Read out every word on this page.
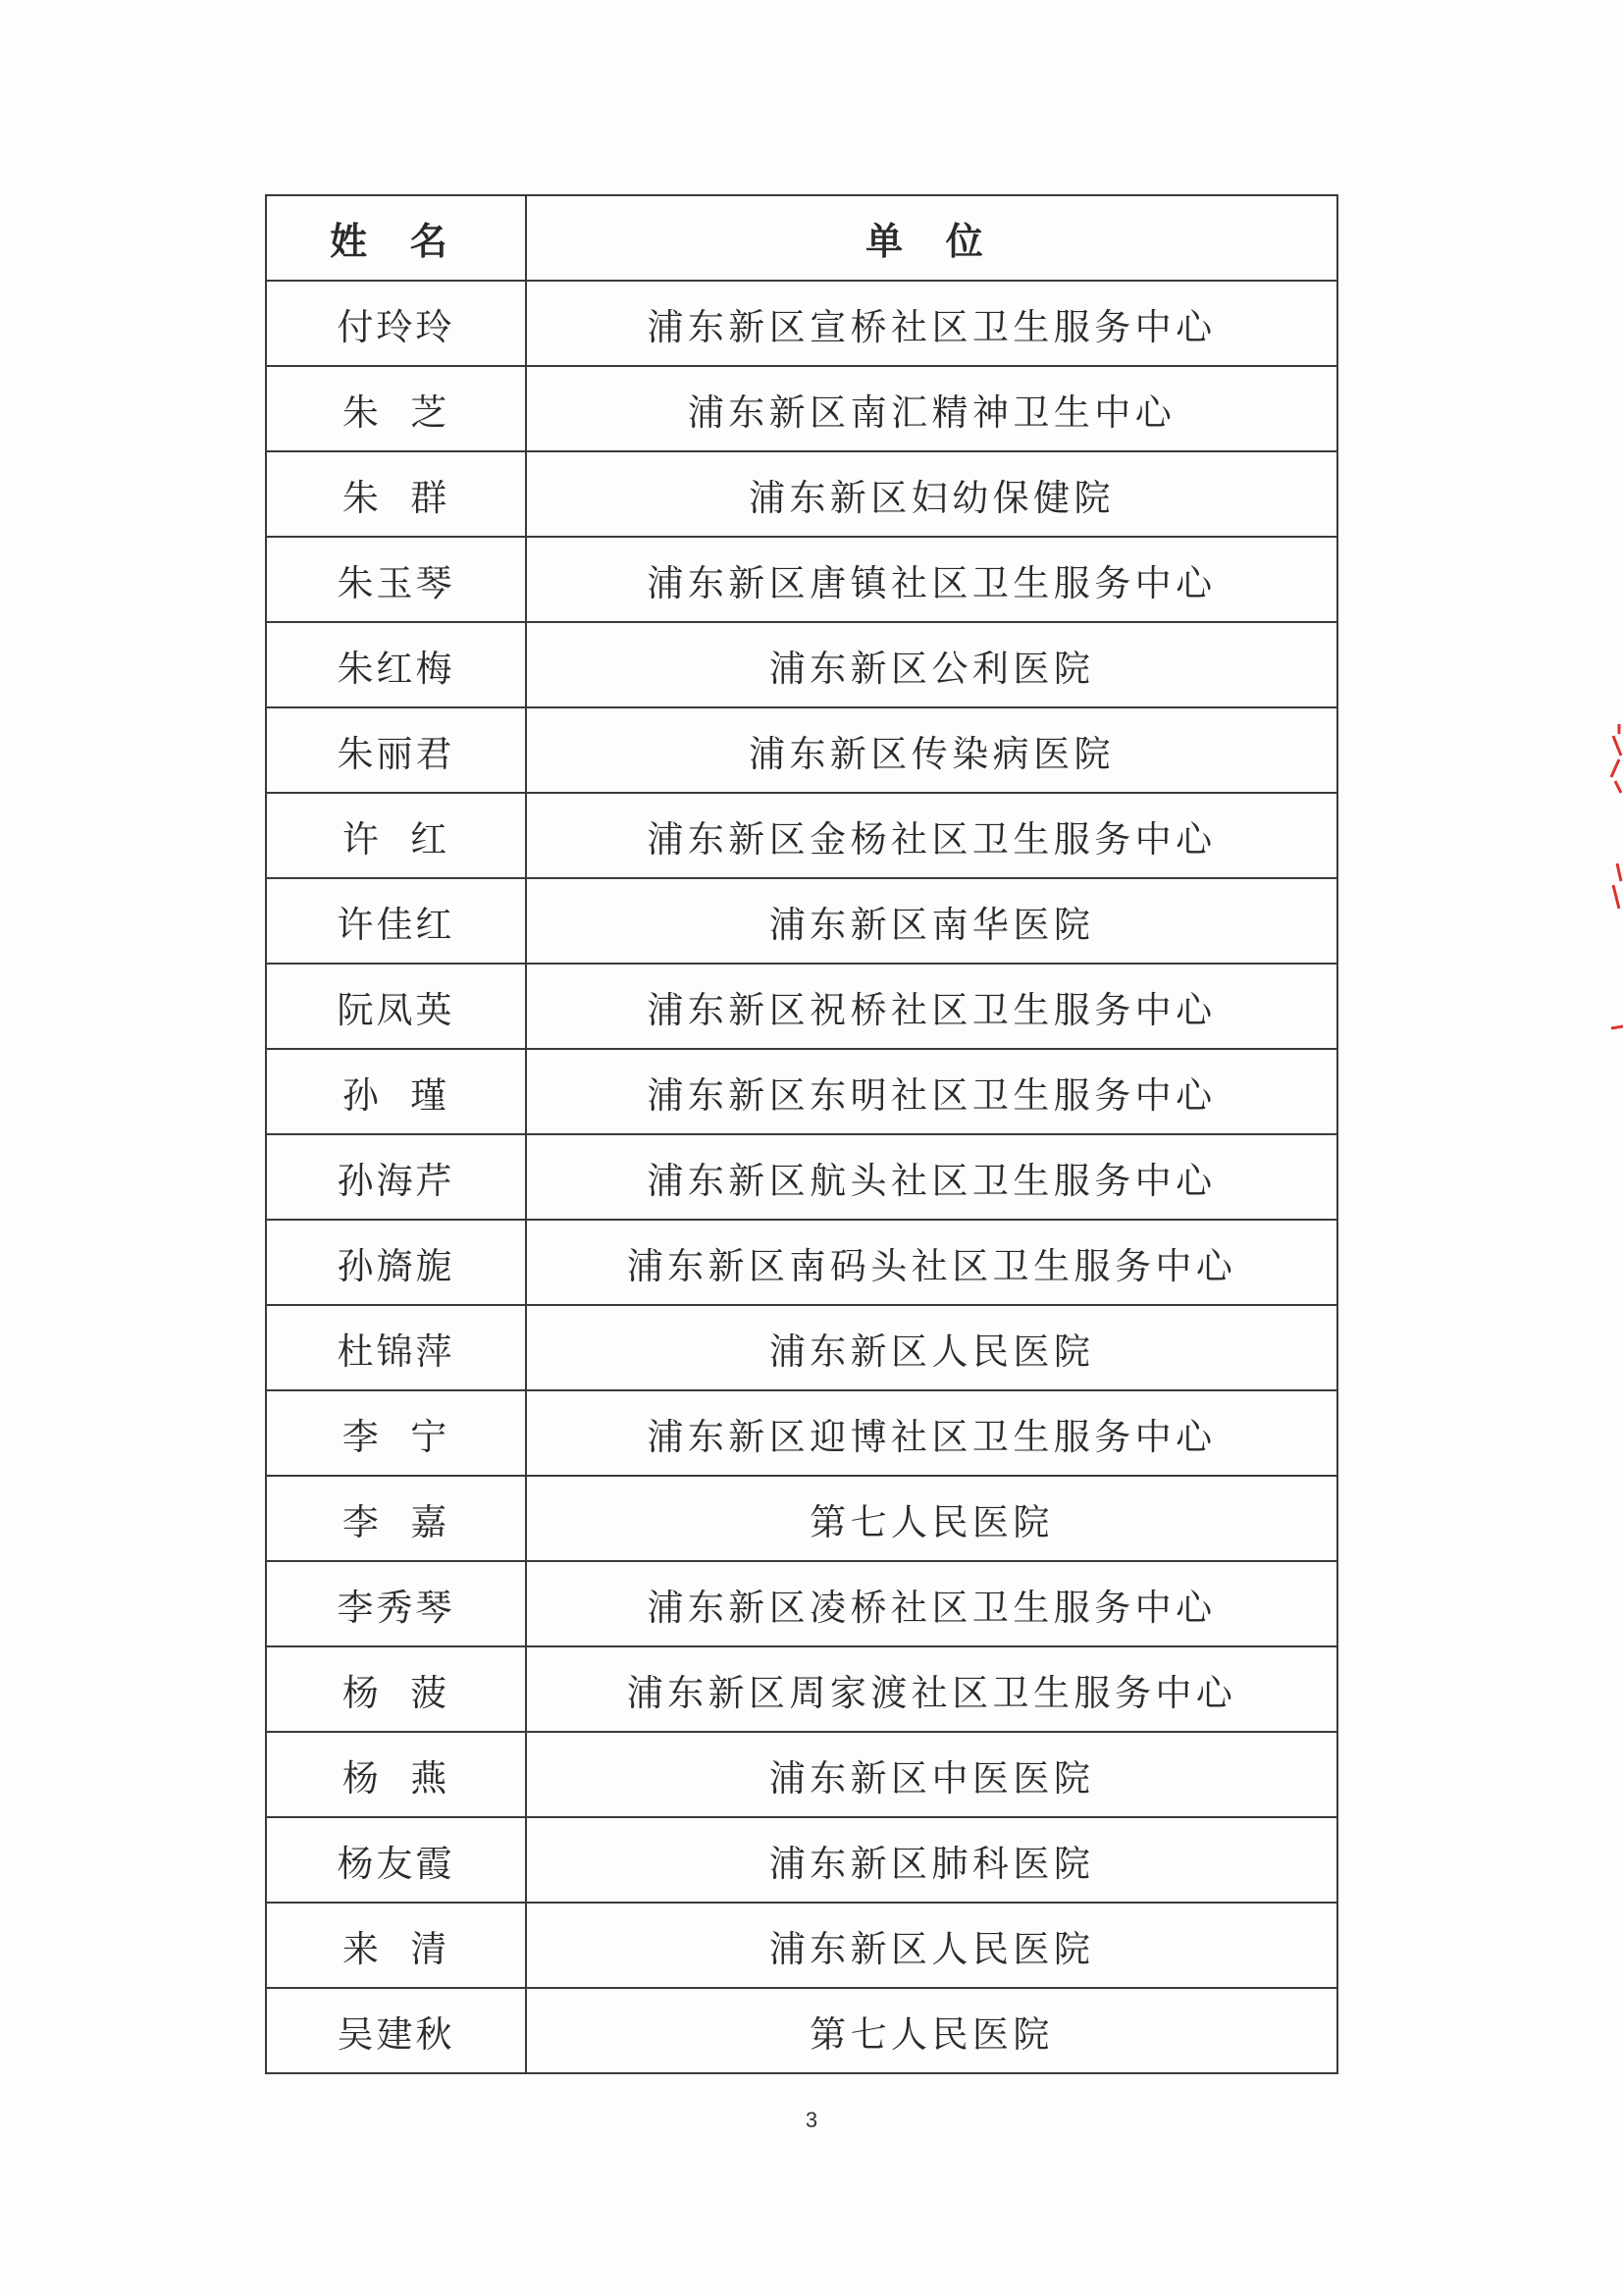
姓 名	单 位
付玲玲	浦东新区宣桥社区卫生服务中心
朱  芝	浦东新区南汇精神卫生中心
朱  群	浦东新区妇幼保健院
朱玉琴	浦东新区唐镇社区卫生服务中心
朱红梅	浦东新区公利医院
朱丽君	浦东新区传染病医院
许  红	浦东新区金杨社区卫生服务中心
许佳红	浦东新区南华医院
阮凤英	浦东新区祝桥社区卫生服务中心
孙  瑾	浦东新区东明社区卫生服务中心
孙海芹	浦东新区航头社区卫生服务中心
孙旖旎	浦东新区南码头社区卫生服务中心
杜锦萍	浦东新区人民医院
李  宁	浦东新区迎博社区卫生服务中心
李  嘉	第七人民医院
李秀琴	浦东新区凌桥社区卫生服务中心
杨  菠	浦东新区周家渡社区卫生服务中心
杨  燕	浦东新区中医医院
杨友霞	浦东新区肺科医院
来  清	浦东新区人民医院
吴建秋	第七人民医院
3
